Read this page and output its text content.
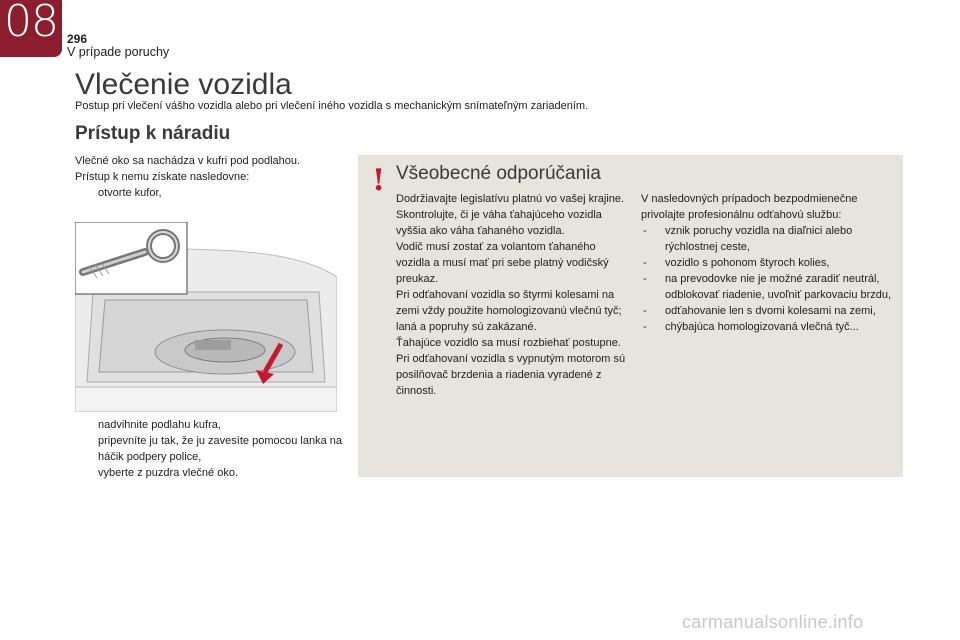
08 296
V prípade poruchy
Vlečenie vozidla
Postup pri vlečení vášho vozidla alebo pri vlečení iného vozidla s mechanickým snímateľným zariadením.
Prístup k náradiu
Vlečné oko sa nachádza v kufri pod podlahou.
Prístup k nemu získate nasledovne:
otvorte kufor,
nadvihnite podlahu kufra,
pripevníte ju tak, že ju zavesíte pomocou lanka na háčik podpery police,
vyberte z puzdra vlečné oko.
! Všeobecné odporúčania
Dodržiavajte legislatívu platnú vo vašej krajine.
Skontrolujte, či je váha ťahajúceho vozidla vyššia ako váha ťahaného vozidla.
Vodič musí zostať za volantom ťahaného vozidla a musí mať pri sebe platný vodičský preukaz.
Pri odťahovaní vozidla so štyrmi kolesami na zemi vždy použite homologizovanú vlečnú tyč; laná a popruhy sú zakázané.
Ťahajúce vozidlo sa musí rozbiehať postupne.
Pri odťahovaní vozidla s vypnutým motorom sú posilňovač brzdenia a riadenia vyradené z činnosti.
V nasledovných prípadoch bezpodmienečne privolajte profesionálnu odťahovú službu:
- vznik poruchy vozidla na diaľnici alebo rýchlostnej ceste,
- vozidlo s pohonom štyroch kolies,
- na prevodovke nie je možné zaradiť neutrál, odblokovať riadenie, uvoľniť parkovaciu brzdu,
- odťahovanie len s dvomi kolesami na zemi,
- chýbajúca homologizovaná vlečná tyč...
carmanualsonline.info
